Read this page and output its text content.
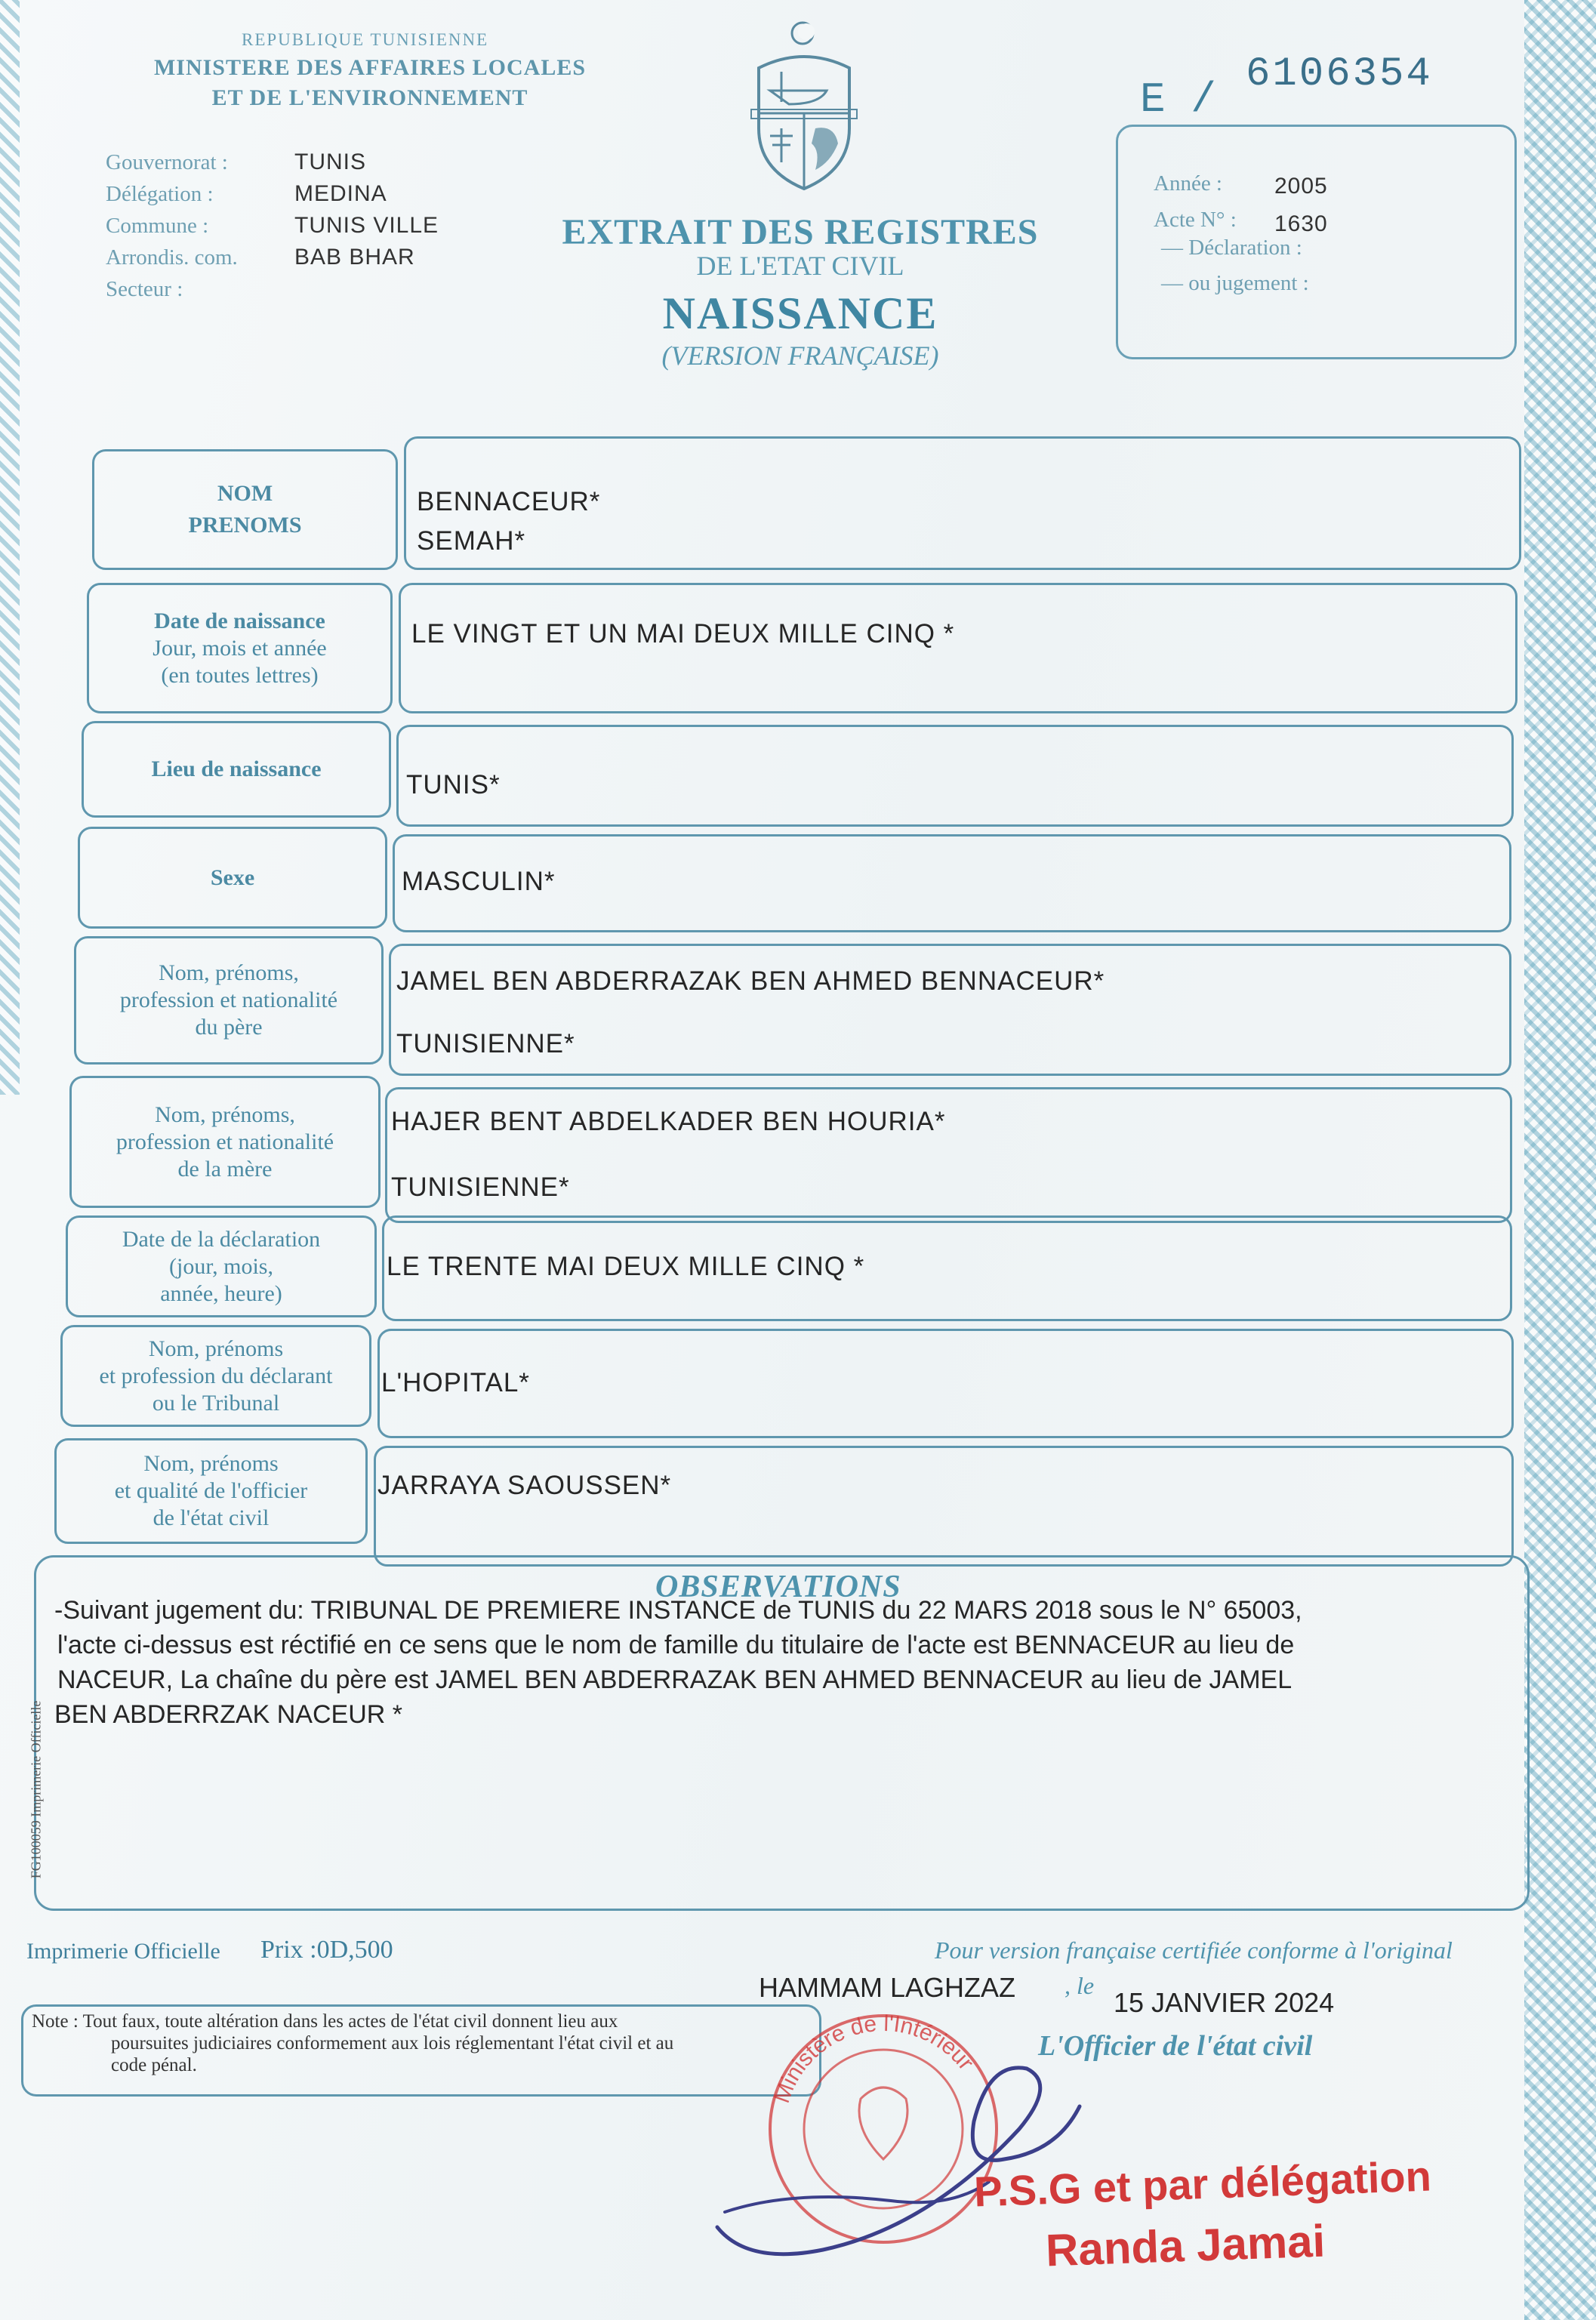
REPUBLIQUE TUNISIENNE
MINISTERE DES AFFAIRES LOCALES
ET DE L'ENVIRONNEMENT
Gouvernorat :	TUNIS
Délégation :	MEDINA
Commune :	TUNIS VILLE
Arrondis. com.	BAB BHAR
Secteur :
E /
6106354
Année : 2005
Acte N° : 1630
— Déclaration :
— ou jugement :
EXTRAIT DES REGISTRES
DE L'ETAT CIVIL
NAISSANCE
(VERSION FRANÇAISE)
NOM
PRENOMS
BENNACEUR*
SEMAH*
Date de naissance
Jour, mois et année
(en toutes lettres)
LE VINGT ET UN MAI DEUX MILLE CINQ *
Lieu de naissance
TUNIS*
Sexe	MASCULIN*
Nom, prénoms,
profession et nationalité
du père
JAMEL BEN ABDERRAZAK BEN AHMED BENNACEUR*
TUNISIENNE*
Nom, prénoms,
profession et nationalité
de la mère
HAJER BENT ABDELKADER BEN HOURIA*
TUNISIENNE*
Date de la déclaration
(jour, mois,
année, heure)
LE TRENTE MAI DEUX MILLE CINQ *
Nom, prénoms
et profession du déclarant
ou le Tribunal
L'HOPITAL*
Nom, prénoms
et qualité de l'officier
de l'état civil
JARRAYA SAOUSSEN*
OBSERVATIONS
-Suivant jugement du: TRIBUNAL DE PREMIERE INSTANCE de TUNIS du 22 MARS 2018 sous le N° 65003,
l'acte ci-dessus est réctifié en ce sens que le nom de famille du titulaire de l'acte est BENNACEUR au lieu de
NACEUR, La chaîne du père est JAMEL BEN ABDERRAZAK BEN AHMED BENNACEUR au lieu de JAMEL
BEN ABDERRZAK NACEUR *
FG100059 Imprimerie Officielle
Imprimerie Officielle Prix :0D,500	Pour version française certifiée conforme à l'original
HAMMAM LAGHZAZ , le
15 JANVIER 2024
L'Officier de l'état civil
Note : Tout faux, toute altération dans les actes de l'état civil donnent lieu aux
poursuites judiciaires conformement aux lois réglementant l'état civil et au
code pénal.
Ministère de l'Intérieur
P.S.G et par délégation
Randa Jamai
